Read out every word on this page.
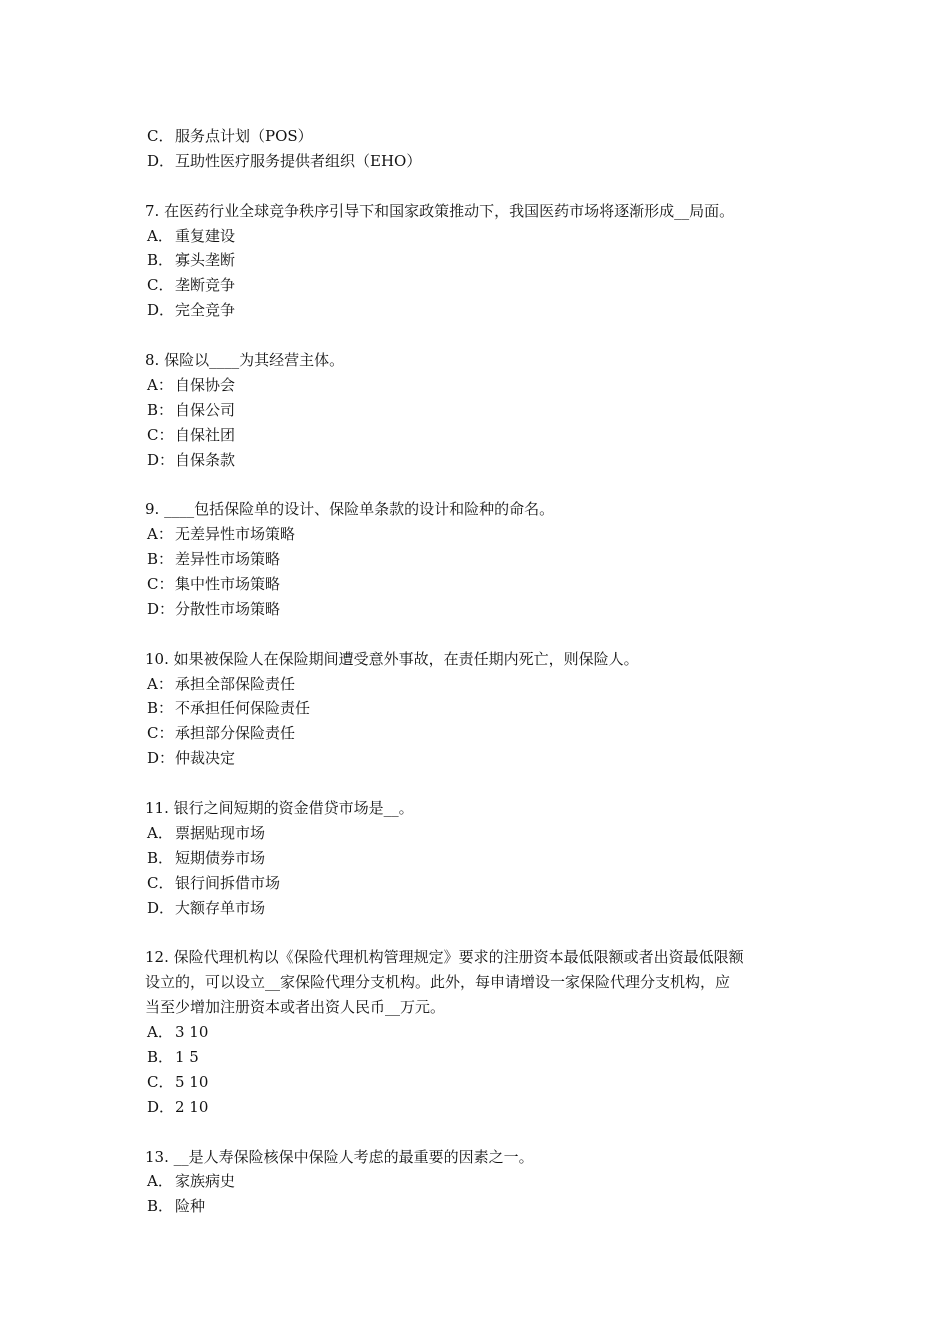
C． 服务点计划（POS）
D．互助性医疗服务提供者组织（EHO）
7. 在医药行业全球竞争秩序引导下和国家政策推动下，我国医药市场将逐渐形成__局面。
A． 重复建设
B． 寡头垄断
C． 垄断竞争
D．完全竞争
8. 保险以____为其经营主体。
A： 自保协会
B： 自保公司
C： 自保社团
D：自保条款
9. ____包括保险单的设计、保险单条款的设计和险种的命名。
A： 无差异性市场策略
B： 差异性市场策略
C： 集中性市场策略
D：分散性市场策略
10. 如果被保险人在保险期间遭受意外事故，在责任期内死亡，则保险人。
A： 承担全部保险责任
B： 不承担任何保险责任
C： 承担部分保险责任
D：仲裁决定
11. 银行之间短期的资金借贷市场是__。
A． 票据贴现市场
B． 短期债券市场
C． 银行间拆借市场
D．大额存单市场
12. 保险代理机构以《保险代理机构管理规定》要求的注册资本最低限额或者出资最低限额
设立的，可以设立__家保险代理分支机构。此外，每申请增设一家保险代理分支机构，应
当至少增加注册资本或者出资人民币__万元。
A． 3 10
B． 1 5
C． 5 10
D．2 10
13. __是人寿保险核保中保险人考虑的最重要的因素之一。
A． 家族病史
B． 险种
